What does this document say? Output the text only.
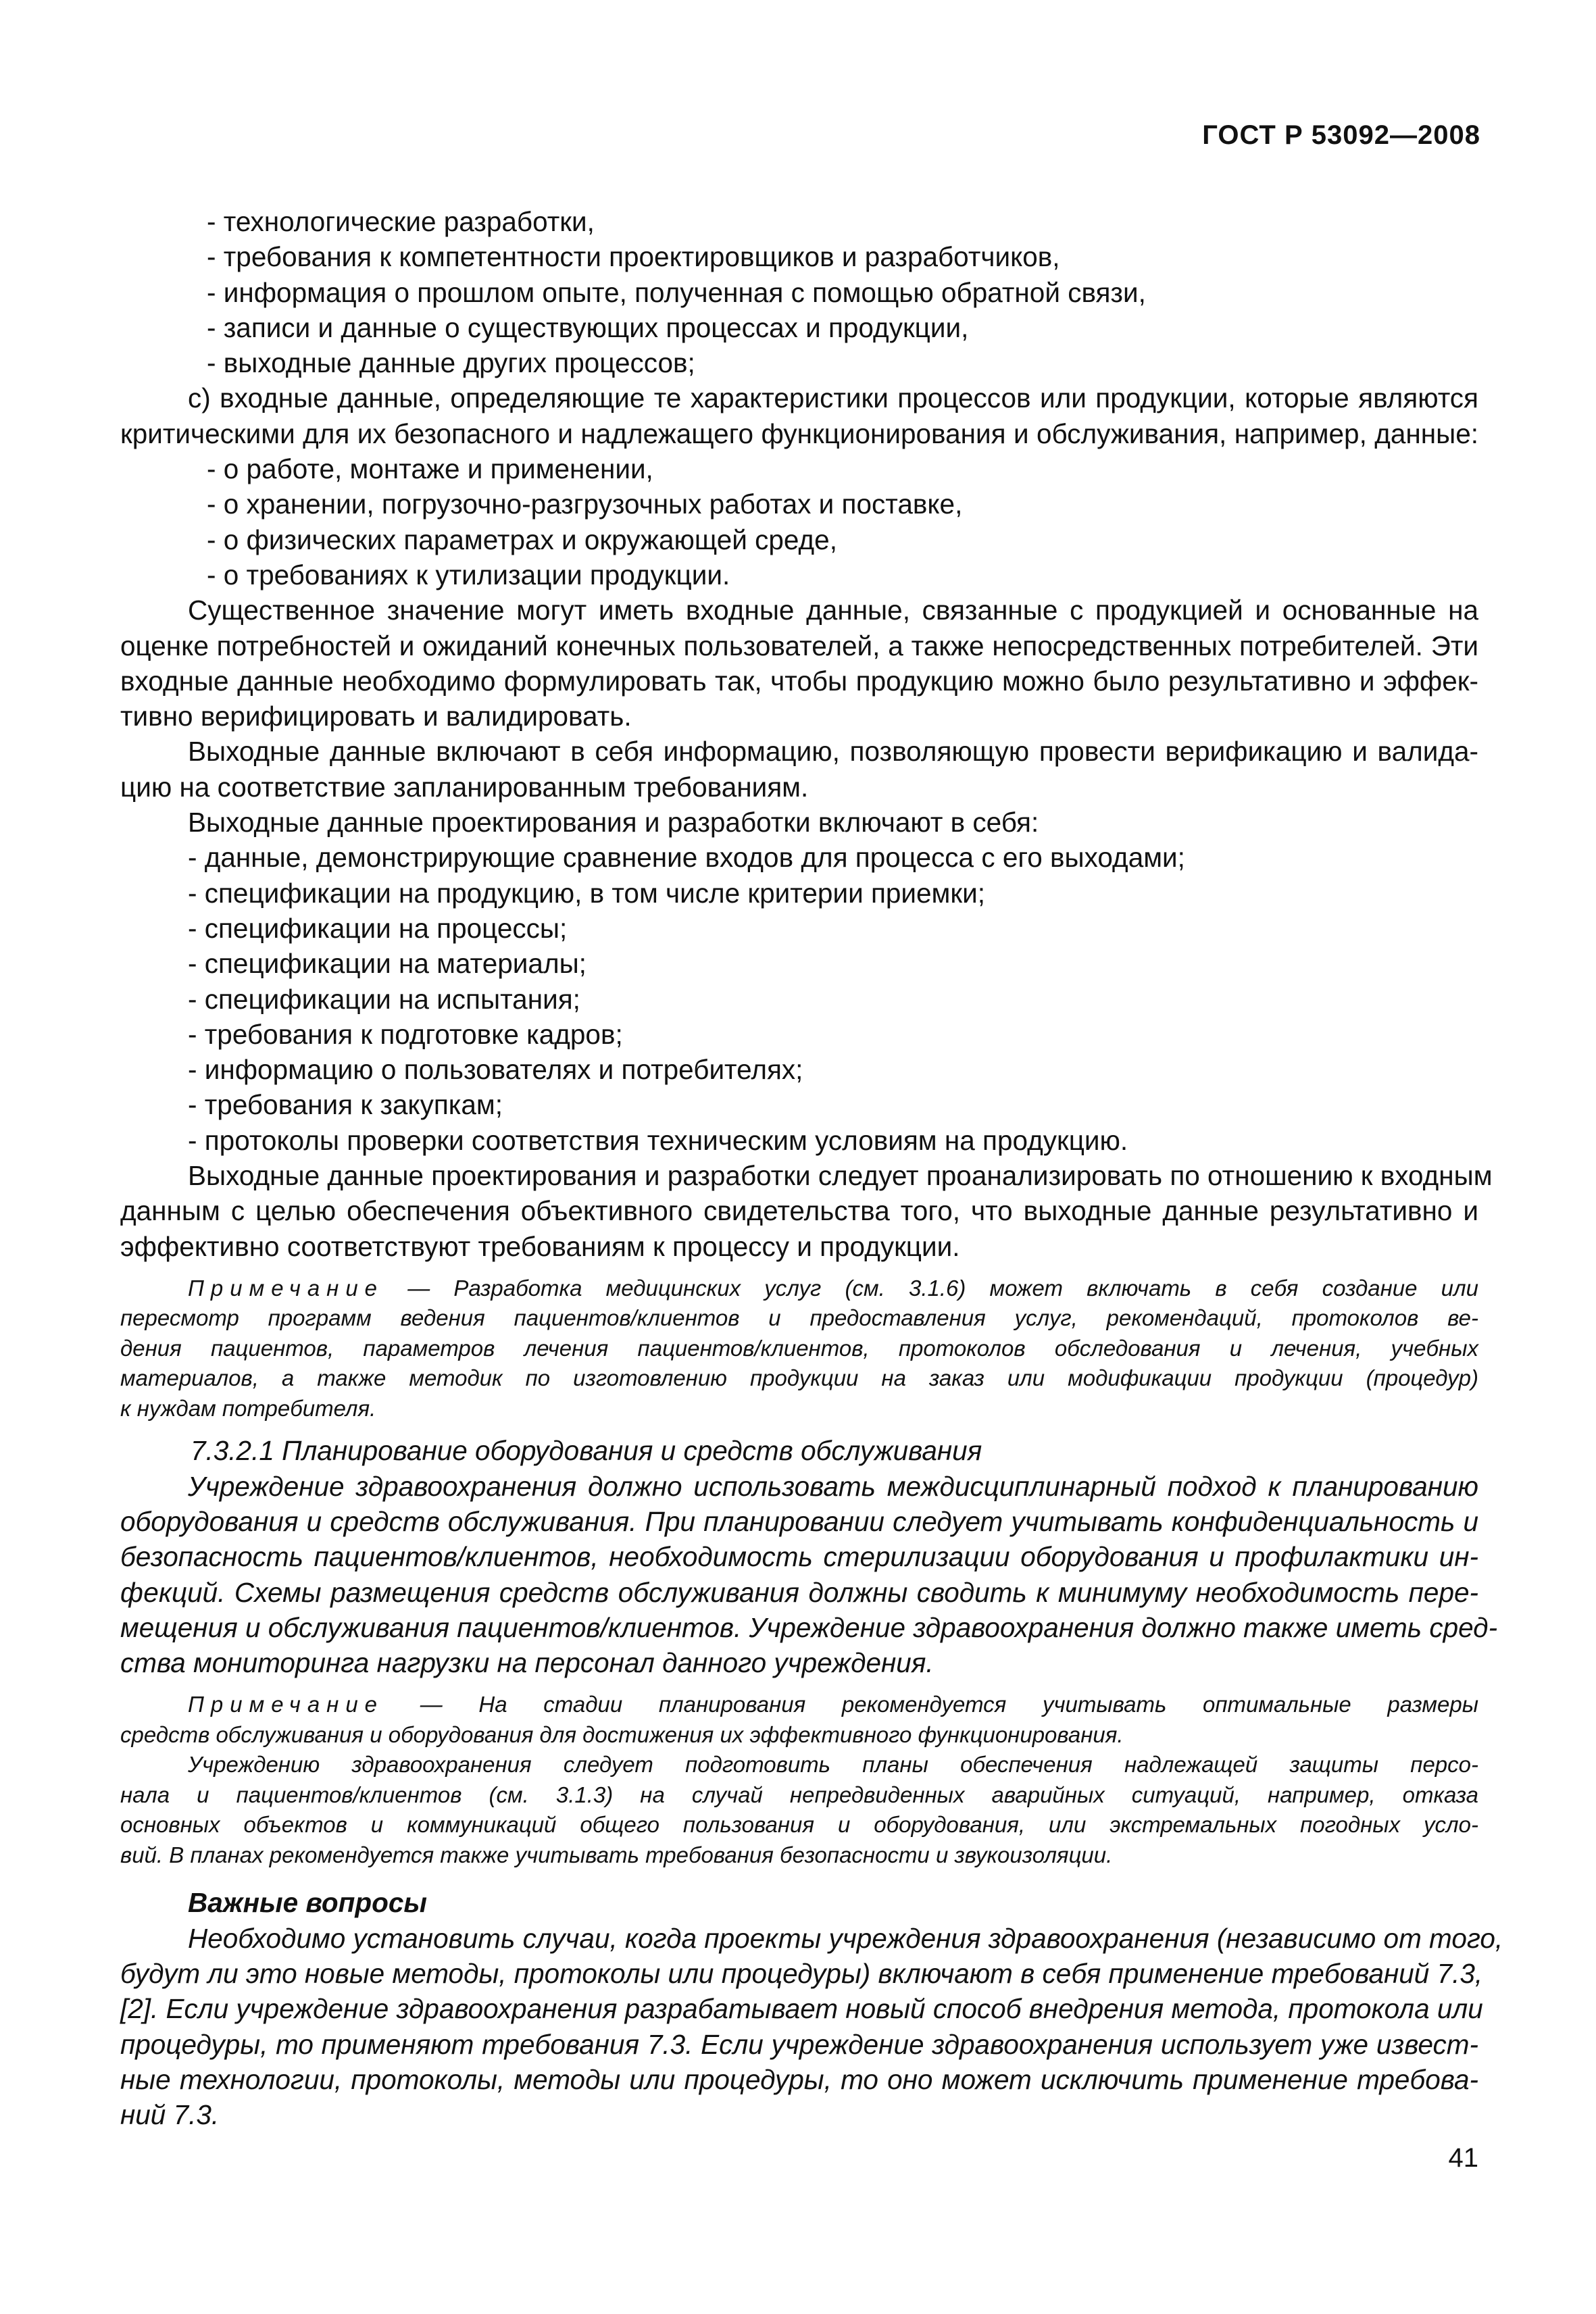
ГОСТ Р 53092—2008
- технологические разработки,
- требования к компетентности проектировщиков и разработчиков,
- информация о прошлом опыте, полученная с помощью обратной связи,
- записи и данные о существующих процессах и продукции,
- выходные данные других процессов;
с) входные данные, определяющие те характеристики процессов или продукции, которые являются
критическими для их безопасного и надлежащего функционирования и обслуживания, например, данные:
- о работе, монтаже и применении,
- о хранении, погрузочно-разгрузочных работах и поставке,
- о физических параметрах и окружающей среде,
- о требованиях к утилизации продукции.
Существенное значение могут иметь входные данные, связанные с продукцией и основанные на
оценке потребностей и ожиданий конечных пользователей, а также непосредственных потребителей. Эти
входные данные необходимо формулировать так, чтобы продукцию можно было результативно и эффек-
тивно верифицировать и валидировать.
Выходные данные включают в себя информацию, позволяющую провести верификацию и валида-
цию на соответствие запланированным требованиям.
Выходные данные проектирования и разработки включают в себя:
- данные, демонстрирующие сравнение входов для процесса с его выходами;
- спецификации на продукцию, в том числе критерии приемки;
- спецификации на процессы;
- спецификации на материалы;
- спецификации на испытания;
- требования к подготовке кадров;
- информацию о пользователях и потребителях;
- требования к закупкам;
- протоколы проверки соответствия техническим условиям на продукцию.
Выходные данные проектирования и разработки следует проанализировать по отношению к входным
данным с целью обеспечения объективного свидетельства того, что выходные данные результативно и
эффективно соответствуют требованиям к процессу и продукции.
Примечание — Разработка медицинских услуг (см. 3.1.6) может включать в себя создание или
пересмотр программ ведения пациентов/клиентов и предоставления услуг, рекомендаций, протоколов ве-
дения пациентов, параметров лечения пациентов/клиентов, протоколов обследования и лечения, учебных
материалов, а также методик по изготовлению продукции на заказ или модификации продукции (процедур)
к нуждам потребителя.
7.3.2.1 Планирование оборудования и средств обслуживания
Учреждение здравоохранения должно использовать междисциплинарный подход к планированию
оборудования и средств обслуживания. При планировании следует учитывать конфиденциальность и
безопасность пациентов/клиентов, необходимость стерилизации оборудования и профилактики ин-
фекций. Схемы размещения средств обслуживания должны сводить к минимуму необходимость пере-
мещения и обслуживания пациентов/клиентов. Учреждение здравоохранения должно также иметь сред-
ства мониторинга нагрузки на персонал данного учреждения.
Примечание — На стадии планирования рекомендуется учитывать оптимальные размеры
средств обслуживания и оборудования для достижения их эффективного функционирования.
Учреждению здравоохранения следует подготовить планы обеспечения надлежащей защиты персо-
нала и пациентов/клиентов (см. 3.1.3) на случай непредвиденных аварийных ситуаций, например, отказа
основных объектов и коммуникаций общего пользования и оборудования, или экстремальных погодных усло-
вий. В планах рекомендуется также учитывать требования безопасности и звукоизоляции.
Важные вопросы
Необходимо установить случаи, когда проекты учреждения здравоохранения (независимо от того,
будут ли это новые методы, протоколы или процедуры) включают в себя применение требований 7.3,
[2]. Если учреждение здравоохранения разрабатывает новый способ внедрения метода, протокола или
процедуры, то применяют требования 7.3. Если учреждение здравоохранения использует уже извест-
ные технологии, протоколы, методы или процедуры, то оно может исключить применение требова-
ний 7.3.
41
